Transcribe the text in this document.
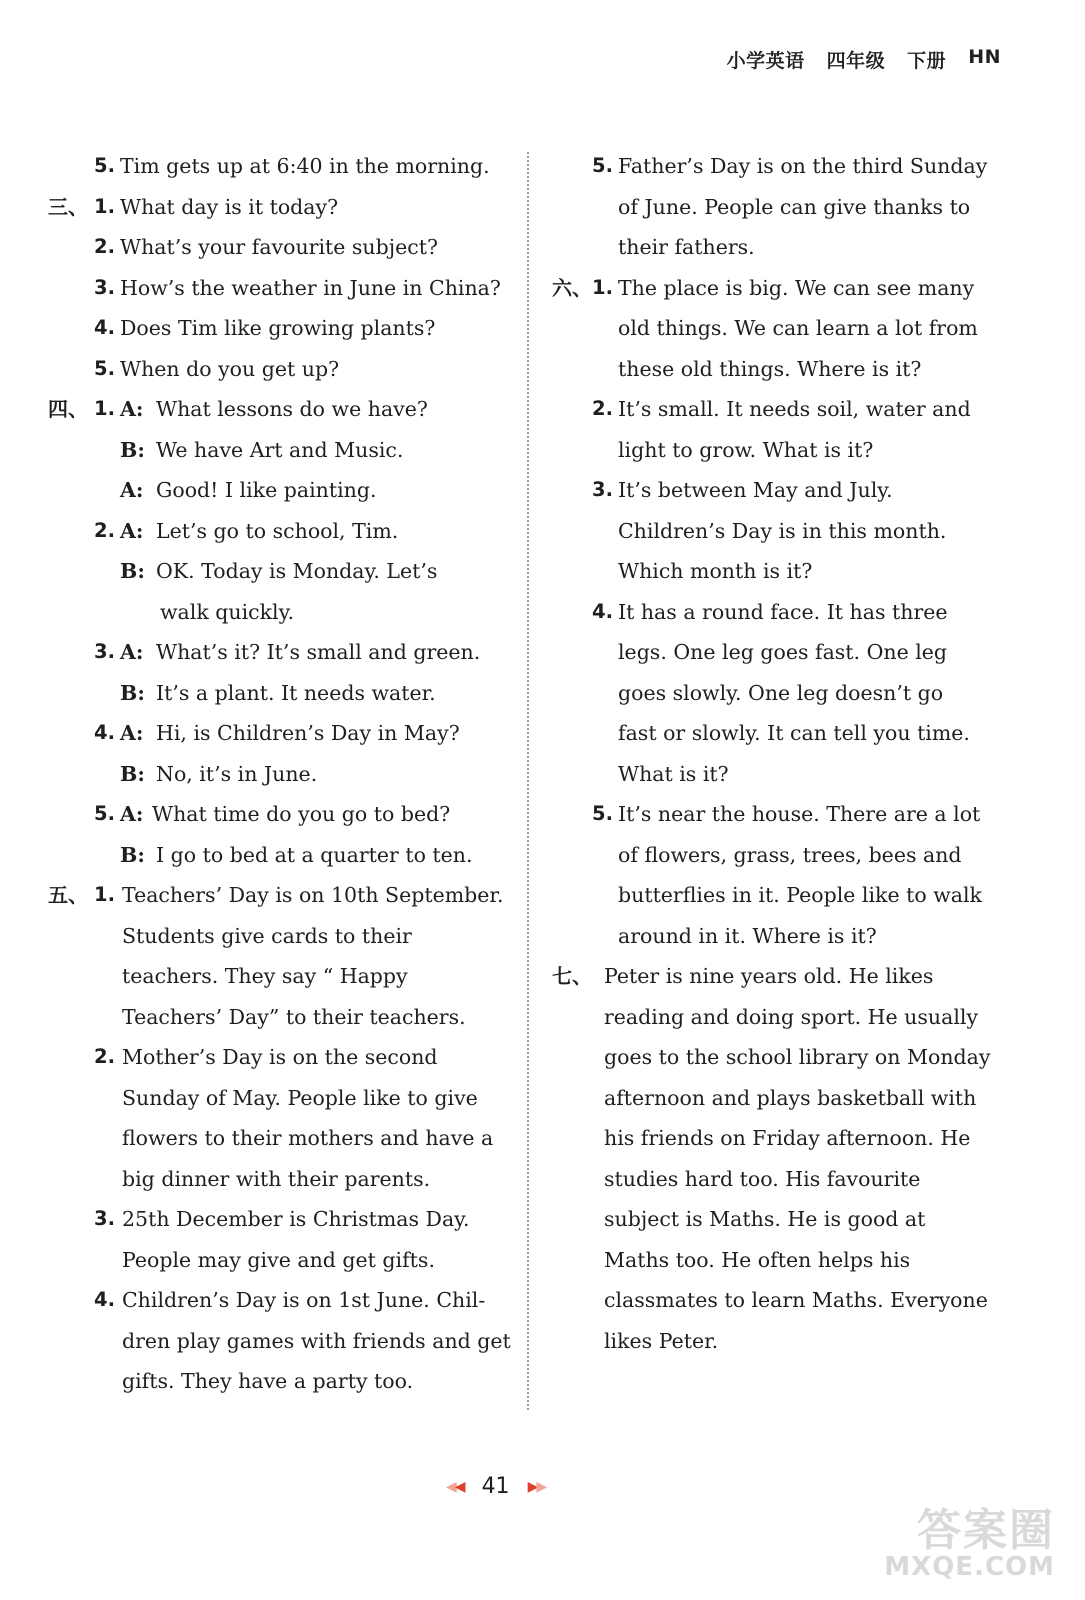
小学英语 四年级 下册 HN
5. Tim gets up at 6:40 in the morning.
三、 1. What day is it today?
2. What’s your favourite subject?
3. How’s the weather in June in China?
4. Does Tim like growing plants?
5. When do you get up?
四、 1. A: What lessons do we have?
B: We have Art and Music.
A: Good! I like painting.
2. A: Let’s go to school, Tim.
B: OK. Today is Monday. Let’s
walk quickly.
3. A: What’s it? It’s small and green.
B: It’s a plant. It needs water.
4. A: Hi, is Children’s Day in May?
B: No, it’s in June.
5. A: What time do you go to bed?
B: I go to bed at a quarter to ten.
五、 1. Teachers’ Day is on 10th September.
Students give cards to their
teachers. They say “ Happy
Teachers’ Day” to their teachers.
2. Mother’s Day is on the second
Sunday of May. People like to give
flowers to their mothers and have a
big dinner with their parents.
3. 25th December is Christmas Day.
People may give and get gifts.
4. Children’s Day is on 1st June. Chil-
dren play games with friends and get
gifts. They have a party too.
5. Father’s Day is on the third Sunday
of June. People can give thanks to
their fathers.
六、 1. The place is big. We can see many
old things. We can learn a lot from
these old things. Where is it?
2. It’s small. It needs soil, water and
light to grow. What is it?
3. It’s between May and July.
Children’s Day is in this month.
Which month is it?
4. It has a round face. It has three
legs. One leg goes fast. One leg
goes slowly. One leg doesn’t go
fast or slowly. It can tell you time.
What is it?
5. It’s near the house. There are a lot
of flowers, grass, trees, bees and
butterflies in it. People like to walk
around in it. Where is it?
七、 Peter is nine years old. He likes
reading and doing sport. He usually
goes to the school library on Monday
afternoon and plays basketball with
his friends on Friday afternoon. He
studies hard too. His favourite
subject is Maths. He is good at
Maths too. He often helps his
classmates to learn Maths. Everyone
likes Peter.
◀◀ 41 ▶▶
答案圈
MXQE.COM
